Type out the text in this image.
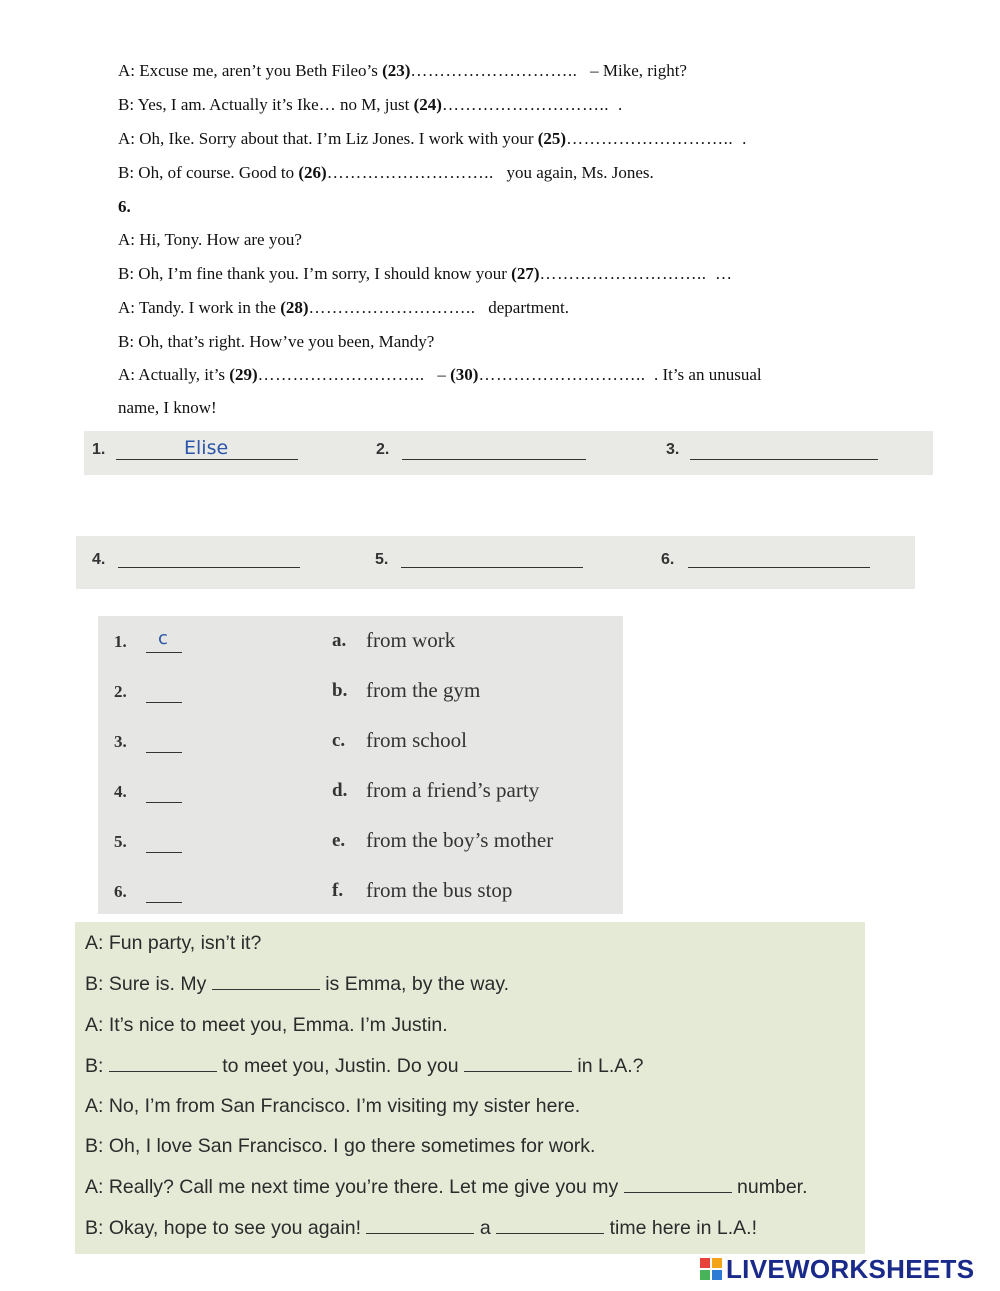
A: Excuse me, aren’t you Beth Fileo’s (23)………………………..   – Mike, right?
B: Yes, I am. Actually it’s Ike… no M, just (24)………………………..  .
A: Oh, Ike. Sorry about that. I’m Liz Jones. I work with your (25)………………………..  .
B: Oh, of course. Good to (26)………………………..   you again, Ms. Jones.
6.
A: Hi, Tony. How are you?
B: Oh, I’m fine thank you. I’m sorry, I should know your (27)………………………..  …
A: Tandy. I work in the (28)………………………..   department.
B: Oh, that’s right. How’ve you been, Mandy?
A: Actually, it’s (29)………………………..   – (30)………………………..  . It’s an unusual
name, I know!
1.	Elise	2.	3.
4.	5.	6.
1. c	a. from work
2.	b. from the gym
3.	c. from school
4.	d. from a friend’s party
5.	e. from the boy’s mother
6.	f. from the bus stop
A: Fun party, isn’t it?
B: Sure is. My	is Emma, by the way.
A: It’s nice to meet you, Emma. I’m Justin.
B:	to meet you, Justin. Do you	in L.A.?
A: No, I’m from San Francisco. I’m visiting my sister here.
B: Oh, I love San Francisco. I go there sometimes for work.
A: Really? Call me next time you’re there. Let me give you my	number.
B: Okay, hope to see you again!	a	time here in L.A.!
LIVEWORKSHEETS
